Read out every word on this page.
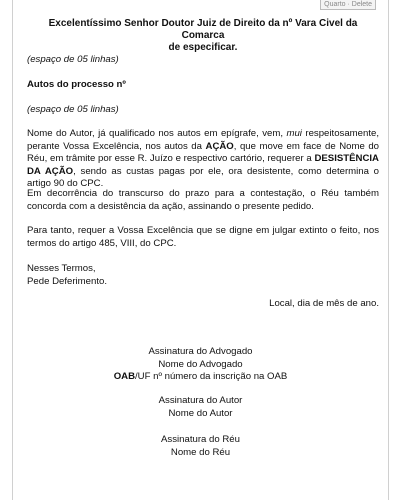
Quarto · Delete
Excelentíssimo Senhor Doutor Juiz de Direito da nº Vara Civel da Comarca
de especificar.
(espaço de 05 linhas)
Autos do processo nº
(espaço de 05 linhas)
Nome do Autor, já qualificado nos autos em epígrafe, vem, mui respeitosamente, perante Vossa Excelência, nos autos da AÇÃO, que move em face de Nome do Réu, em trâmite por esse R. Juízo e respectivo cartório, requerer a DESISTÊNCIA DA AÇÃO, sendo as custas pagas por ele, ora desistente, como determina o artigo 90 do CPC.
Em decorrência do transcurso do prazo para a contestação, o Réu também concorda com a desistência da ação, assinando o presente pedido.
Para tanto, requer a Vossa Excelência que se digne em julgar extinto o feito, nos termos do artigo 485, VIII, do CPC.
Nesses Termos,
Pede Deferimento.
Local, dia de mês de ano.
Assinatura do Advogado
Nome do Advogado
OAB/UF nº número da inscrição na OAB
Assinatura do Autor
Nome do Autor
Assinatura do Réu
Nome do Réu
